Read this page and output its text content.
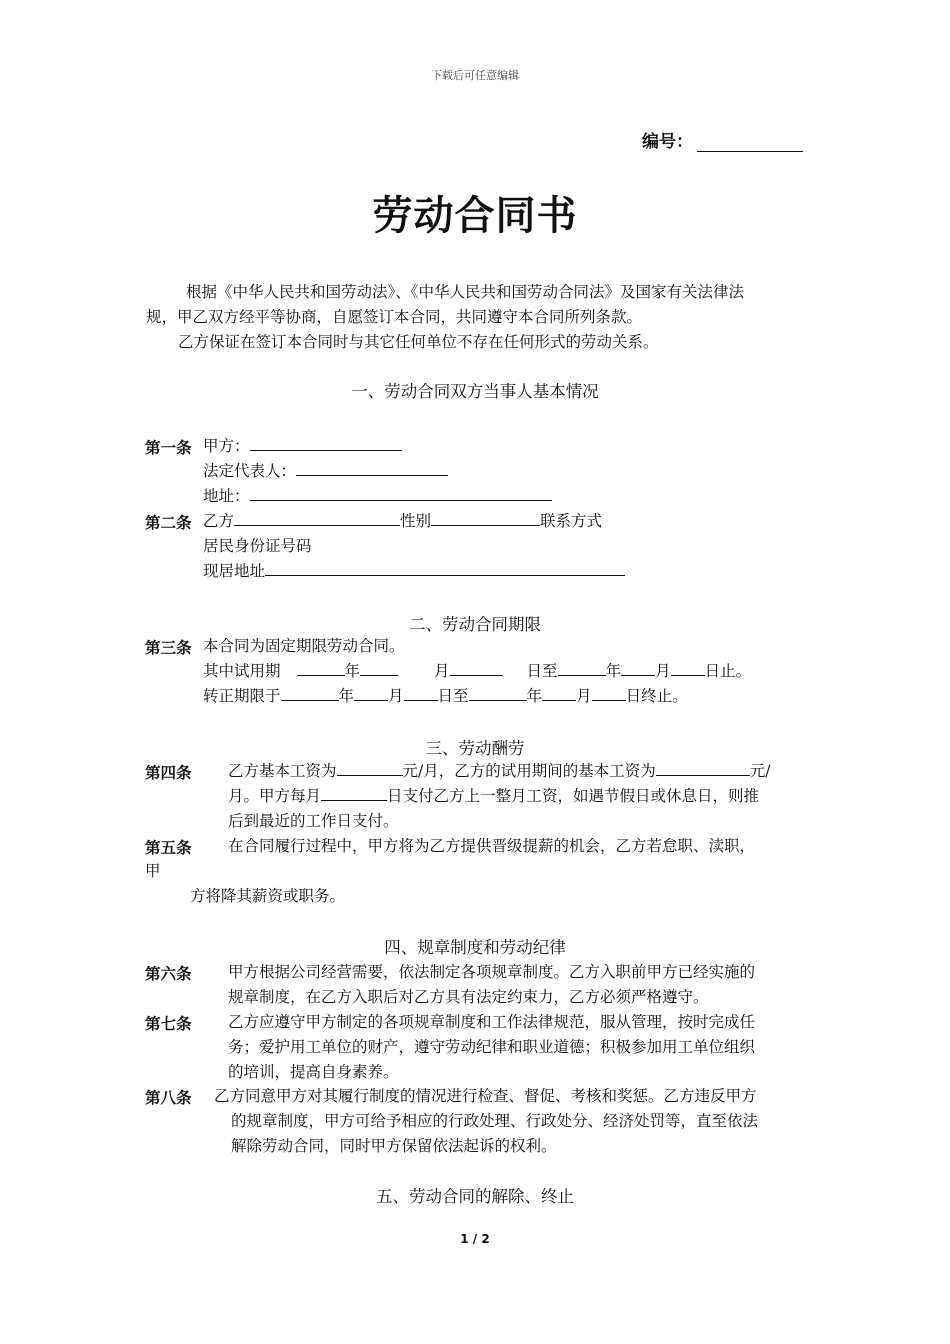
下载后可任意编辑
编号：
劳动合同书
根据《中华人民共和国劳动法》、《中华人民共和国劳动合同法》及国家有关法律法
规，甲乙双方经平等协商，自愿签订本合同，共同遵守本合同所列条款。
乙方保证在签订本合同时与其它任何单位不存在任何形式的劳动关系。
一、劳动合同双方当事人基本情况
第一条 甲方：
法定代表人：
地址：
第二条 乙方	性别	联系方式
居民身份证号码
现居地址
二、劳动合同期限
第三条 本合同为固定期限劳动合同。
其中试用期	年	月	日至	年 月 日止。
转正期限于	年 月 日至	年 月 日终止。
三、劳动酬劳
第四条 乙方基本工资为	元/月，乙方的试用期间的基本工资为	元/
月。甲方每月	日支付乙方上一整月工资，如遇节假日或休息日，则推
后到最近的工作日支付。
第五条 在合同履行过程中，甲方将为乙方提供晋级提薪的机会，乙方若怠职、渎职，
甲
方将降其薪资或职务。
四、规章制度和劳动纪律
第六条 甲方根据公司经营需要，依法制定各项规章制度。乙方入职前甲方已经实施的
规章制度，在乙方入职后对乙方具有法定约束力，乙方必须严格遵守。
第七条 乙方应遵守甲方制定的各项规章制度和工作法律规范，服从管理，按时完成任
务；爱护用工单位的财产，遵守劳动纪律和职业道德；积极参加用工单位组织
的培训，提高自身素养。
第八条 乙方同意甲方对其履行制度的情况进行检查、督促、考核和奖惩。乙方违反甲方
的规章制度，甲方可给予相应的行政处理、行政处分、经济处罚等，直至依法
解除劳动合同，同时甲方保留依法起诉的权利。
五、劳动合同的解除、终止
1 / 2
